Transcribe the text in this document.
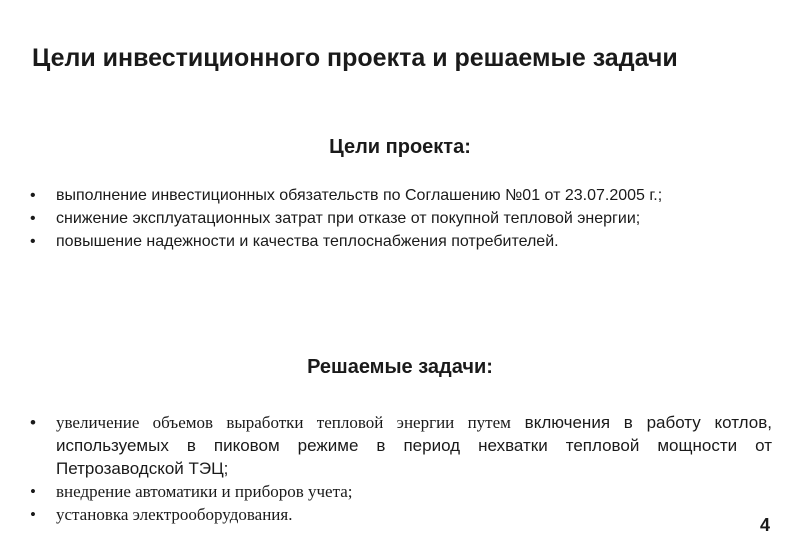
Цели инвестиционного проекта и решаемые задачи
Цели проекта:
• выполнение инвестиционных обязательств по Соглашению №01 от 23.07.2005 г.;
• снижение эксплуатационных затрат при отказе от покупной тепловой энергии;
• повышение надежности и качества теплоснабжения потребителей.
Решаемые задачи:
• увеличение объемов выработки тепловой энергии путем включения в работу котлов, используемых в пиковом режиме в период нехватки тепловой мощности от Петрозаводской ТЭЦ;
• внедрение автоматики и приборов учета;
• установка электрооборудования.
4
